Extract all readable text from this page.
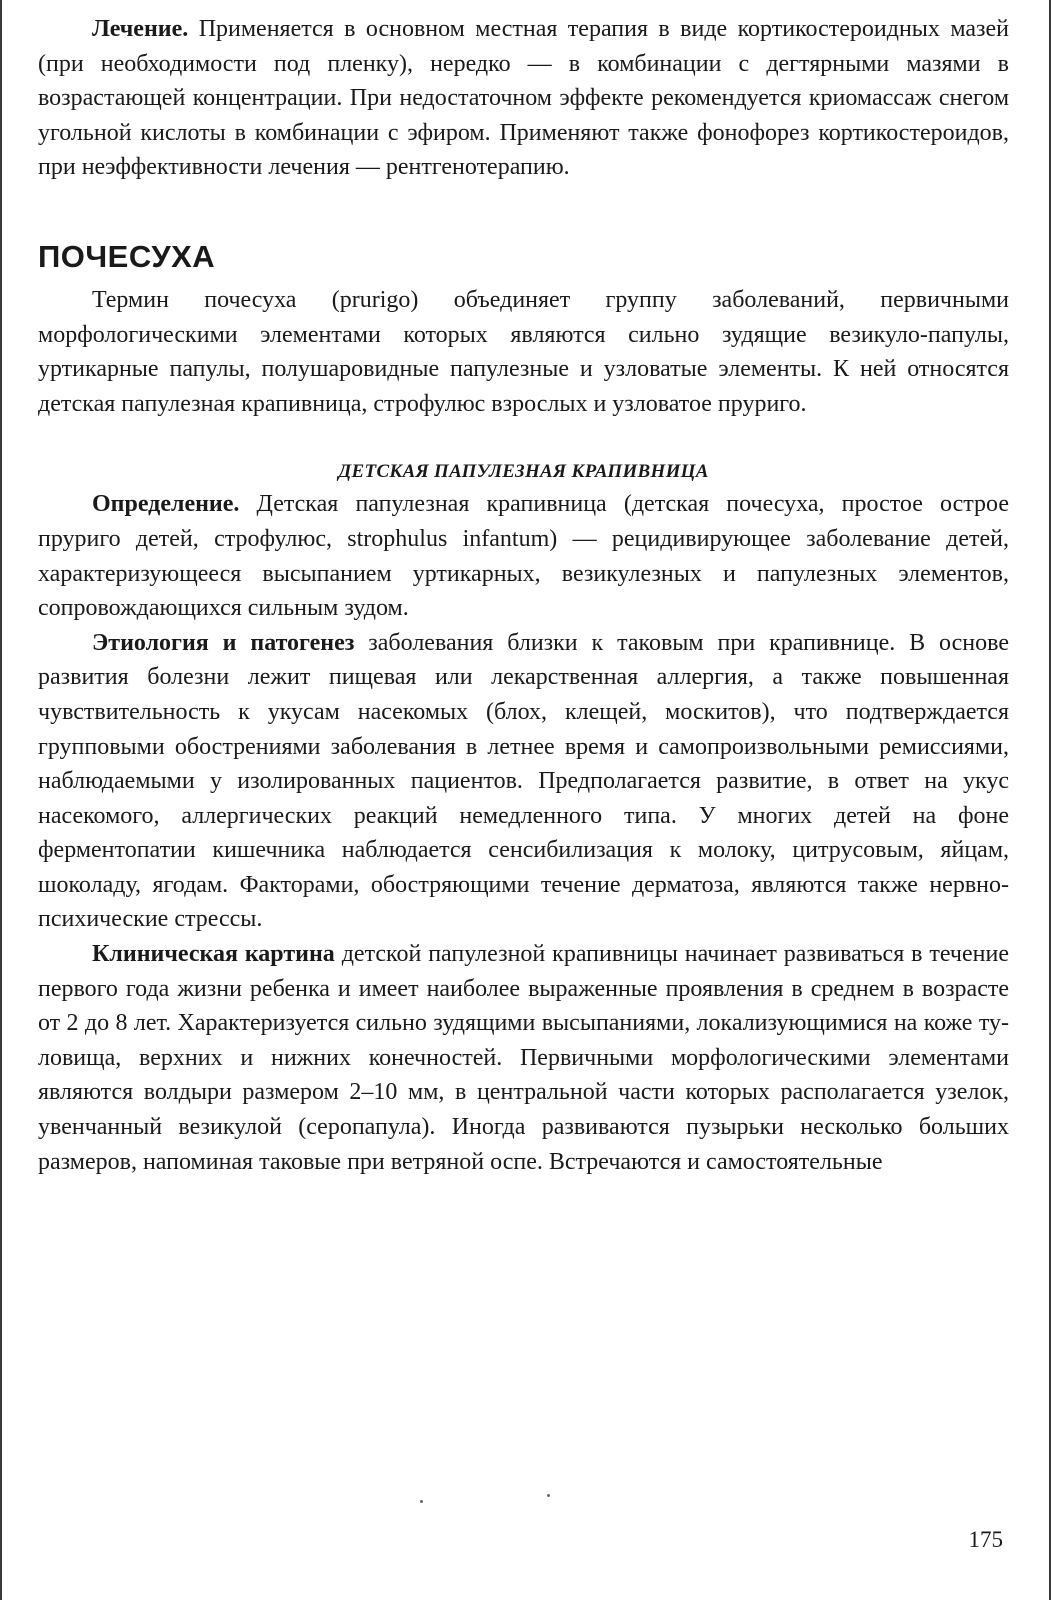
Лечение. Применяется в основном местная терапия в виде кортикостероидных мазей (при необходимости под пленку), нередко — в комбинации с дегтярными мазями в возрастающей концентрации. При недостаточном эффекте рекомендуется криомассаж снегом угольной кислоты в комбинации с эфиром. Применяют также фонофорез кортикостероидов, при неэффективности лечения — рентгенотерапию.

ПОЧЕСУХА

Термин почесуха (prurigo) объединяет группу заболеваний, первичными морфологическими элементами которых являются сильно зудящие везикуло-папулы, уртикарные папулы, полушаровидные папулезные и узловатые элементы. К ней относятся детская папулезная крапивница, строфулюс взрослых и узловатое пруриго.

ДЕТСКАЯ ПАПУЛЕЗНАЯ КРАПИВНИЦА

Определение. Детская папулезная крапивница (детская почесуха, простое острое пруриго детей, строфулюс, strophulus infantum) — рецидивирующее заболевание детей, характеризующееся высыпанием уртикарных, везикулезных и папулезных элементов, сопровождающихся сильным зудом.

Этиология и патогенез заболевания близки к таковым при крапивнице. В основе развития болезни лежит пищевая или лекарственная аллергия, а также повышенная чувствительность к укусам насекомых (блох, клещей, москитов), что подтверждается групповыми обострениями заболевания в летнее время и самопроизвольными ремиссиями, наблюдаемыми у изолированных пациентов. Предполагается развитие, в ответ на укус насекомого, аллергических реакций немедленного типа. У многих детей на фоне ферментопатии кишечника наблюдается сенсибилизация к молоку, цитрусовым, яйцам, шоколаду, ягодам. Факторами, обостряющими течение дерматоза, являются также нервно-психические стрессы.

Клиническая картина детской папулезной крапивницы начинает развиваться в течение первого года жизни ребенка и имеет наиболее выраженные проявления в среднем в возрасте от 2 до 8 лет. Характеризуется сильно зудящими высыпаниями, локализующимися на коже туловища, верхних и нижних конечностей. Первичными морфологическими элементами являются волдыри размером 2–10 мм, в центральной части которых располагается узелок, увенчанный везикулой (серопапула). Иногда развиваются пузырьки несколько больших размеров, напоминая таковые при ветряной оспе. Встречаются и самостоятельные

175
